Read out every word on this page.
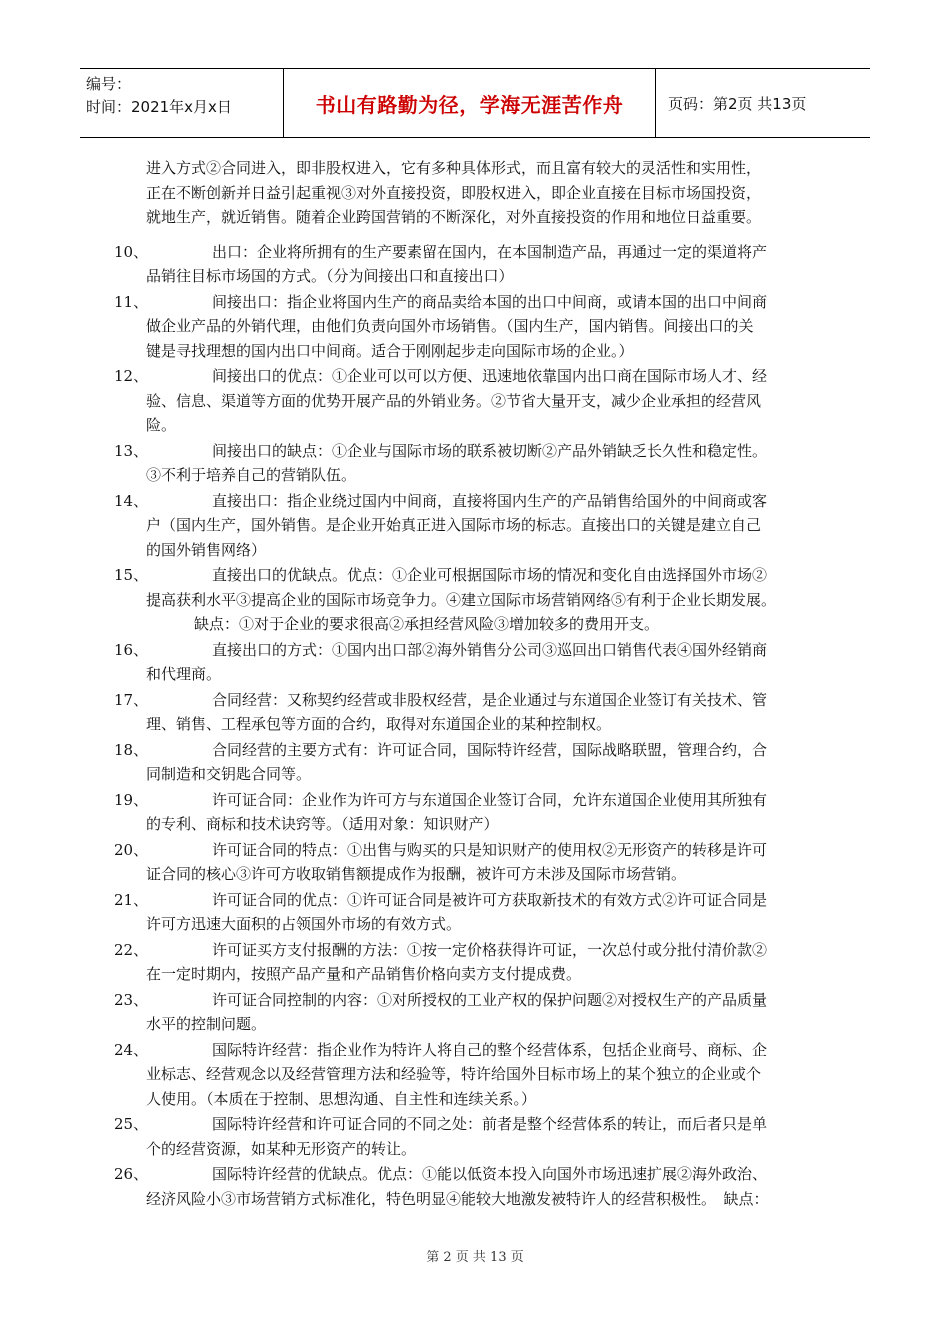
编号：
时间：2021年x月x日	书山有路勤为径，学海无涯苦作舟	页码：第2页 共13页
进入方式②合同进入，即非股权进入，它有多种具体形式，而且富有较大的灵活性和实用性，
正在不断创新并日益引起重视③对外直接投资，即股权进入，即企业直接在目标市场国投资，
就地生产，就近销售。随着企业跨国营销的不断深化，对外直接投资的作用和地位日益重要。
10、	出口：企业将所拥有的生产要素留在国内，在本国制造产品，再通过一定的渠道将产
品销往目标市场国的方式。（分为间接出口和直接出口）
11、	间接出口：指企业将国内生产的商品卖给本国的出口中间商，或请本国的出口中间商
做企业产品的外销代理，由他们负责向国外市场销售。（国内生产，国内销售。间接出口的关
键是寻找理想的国内出口中间商。适合于刚刚起步走向国际市场的企业。）
12、	间接出口的优点：①企业可以可以方便、迅速地依靠国内出口商在国际市场人才、经
验、信息、渠道等方面的优势开展产品的外销业务。②节省大量开支，减少企业承担的经营风
险。
13、	间接出口的缺点：①企业与国际市场的联系被切断②产品外销缺乏长久性和稳定性。
③不利于培养自己的营销队伍。
14、	直接出口：指企业绕过国内中间商，直接将国内生产的产品销售给国外的中间商或客
户（国内生产，国外销售。是企业开始真正进入国际市场的标志。直接出口的关键是建立自己
的国外销售网络）
15、	直接出口的优缺点。优点：①企业可根据国际市场的情况和变化自由选择国外市场②
提高获利水平③提高企业的国际市场竞争力。④建立国际市场营销网络⑤有利于企业长期发展。
缺点：①对于企业的要求很高②承担经营风险③增加较多的费用开支。
16、	直接出口的方式：①国内出口部②海外销售分公司③巡回出口销售代表④国外经销商
和代理商。
17、	合同经营：又称契约经营或非股权经营，是企业通过与东道国企业签订有关技术、管
理、销售、工程承包等方面的合约，取得对东道国企业的某种控制权。
18、	合同经营的主要方式有：许可证合同，国际特许经营，国际战略联盟，管理合约，合
同制造和交钥匙合同等。
19、	许可证合同：企业作为许可方与东道国企业签订合同，允许东道国企业使用其所独有
的专利、商标和技术诀窍等。（适用对象：知识财产）
20、	许可证合同的特点：①出售与购买的只是知识财产的使用权②无形资产的转移是许可
证合同的核心③许可方收取销售额提成作为报酬，被许可方未涉及国际市场营销。
21、	许可证合同的优点：①许可证合同是被许可方获取新技术的有效方式②许可证合同是
许可方迅速大面积的占领国外市场的有效方式。
22、	许可证买方支付报酬的方法：①按一定价格获得许可证，一次总付或分批付清价款②
在一定时期内，按照产品产量和产品销售价格向卖方支付提成费。
23、	许可证合同控制的内容：①对所授权的工业产权的保护问题②对授权生产的产品质量
水平的控制问题。
24、	国际特许经营：指企业作为特许人将自己的整个经营体系，包括企业商号、商标、企
业标志、经营观念以及经营管理方法和经验等，特许给国外目标市场上的某个独立的企业或个
人使用。（本质在于控制、思想沟通、自主性和连续关系。）
25、	国际特许经营和许可证合同的不同之处：前者是整个经营体系的转让，而后者只是单
个的经营资源，如某种无形资产的转让。
26、	国际特许经营的优缺点。优点：①能以低资本投入向国外市场迅速扩展②海外政治、
经济风险小③市场营销方式标准化，特色明显④能较大地激发被特许人的经营积极性。　缺点：
第 2 页 共 13 页
